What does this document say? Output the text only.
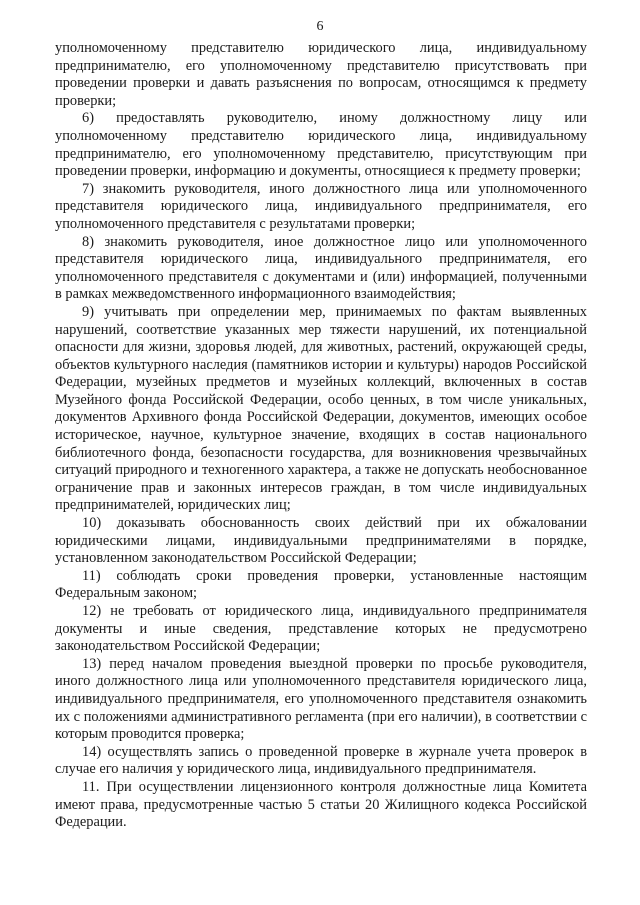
6

уполномоченному представителю юридического лица, индивидуальному предпринимателю, его уполномоченному представителю присутствовать при проведении проверки и давать разъяснения по вопросам, относящимся к предмету проверки;

6) предоставлять руководителю, иному должностному лицу или уполномоченному представителю юридического лица, индивидуальному предпринимателю, его уполномоченному представителю, присутствующим при проведении проверки, информацию и документы, относящиеся к предмету проверки;

7) знакомить руководителя, иного должностного лица или уполномоченного представителя юридического лица, индивидуального предпринимателя, его уполномоченного представителя с результатами проверки;

8) знакомить руководителя, иное должностное лицо или уполномоченного представителя юридического лица, индивидуального предпринимателя, его уполномоченного представителя с документами и (или) информацией, полученными в рамках межведомственного информационного взаимодействия;

9) учитывать при определении мер, принимаемых по фактам выявленных нарушений, соответствие указанных мер тяжести нарушений, их потенциальной опасности для жизни, здоровья людей, для животных, растений, окружающей среды, объектов культурного наследия (памятников истории и культуры) народов Российской Федерации, музейных предметов и музейных коллекций, включенных в состав Музейного фонда Российской Федерации, особо ценных, в том числе уникальных, документов Архивного фонда Российской Федерации, документов, имеющих особое историческое, научное, культурное значение, входящих в состав национального библиотечного фонда, безопасности государства, для возникновения чрезвычайных ситуаций природного и техногенного характера, а также не допускать необоснованное ограничение прав и законных интересов граждан, в том числе индивидуальных предпринимателей, юридических лиц;

10) доказывать обоснованность своих действий при их обжаловании юридическими лицами, индивидуальными предпринимателями в порядке, установленном законодательством Российской Федерации;

11) соблюдать сроки проведения проверки, установленные настоящим Федеральным законом;

12) не требовать от юридического лица, индивидуального предпринимателя документы и иные сведения, представление которых не предусмотрено законодательством Российской Федерации;

13) перед началом проведения выездной проверки по просьбе руководителя, иного должностного лица или уполномоченного представителя юридического лица, индивидуального предпринимателя, его уполномоченного представителя ознакомить их с положениями административного регламента (при его наличии), в соответствии с которым проводится проверка;

14) осуществлять запись о проведенной проверке в журнале учета проверок в случае его наличия у юридического лица, индивидуального предпринимателя.

11. При осуществлении лицензионного контроля должностные лица Комитета имеют права, предусмотренные частью 5 статьи 20 Жилищного кодекса Российской Федерации.
